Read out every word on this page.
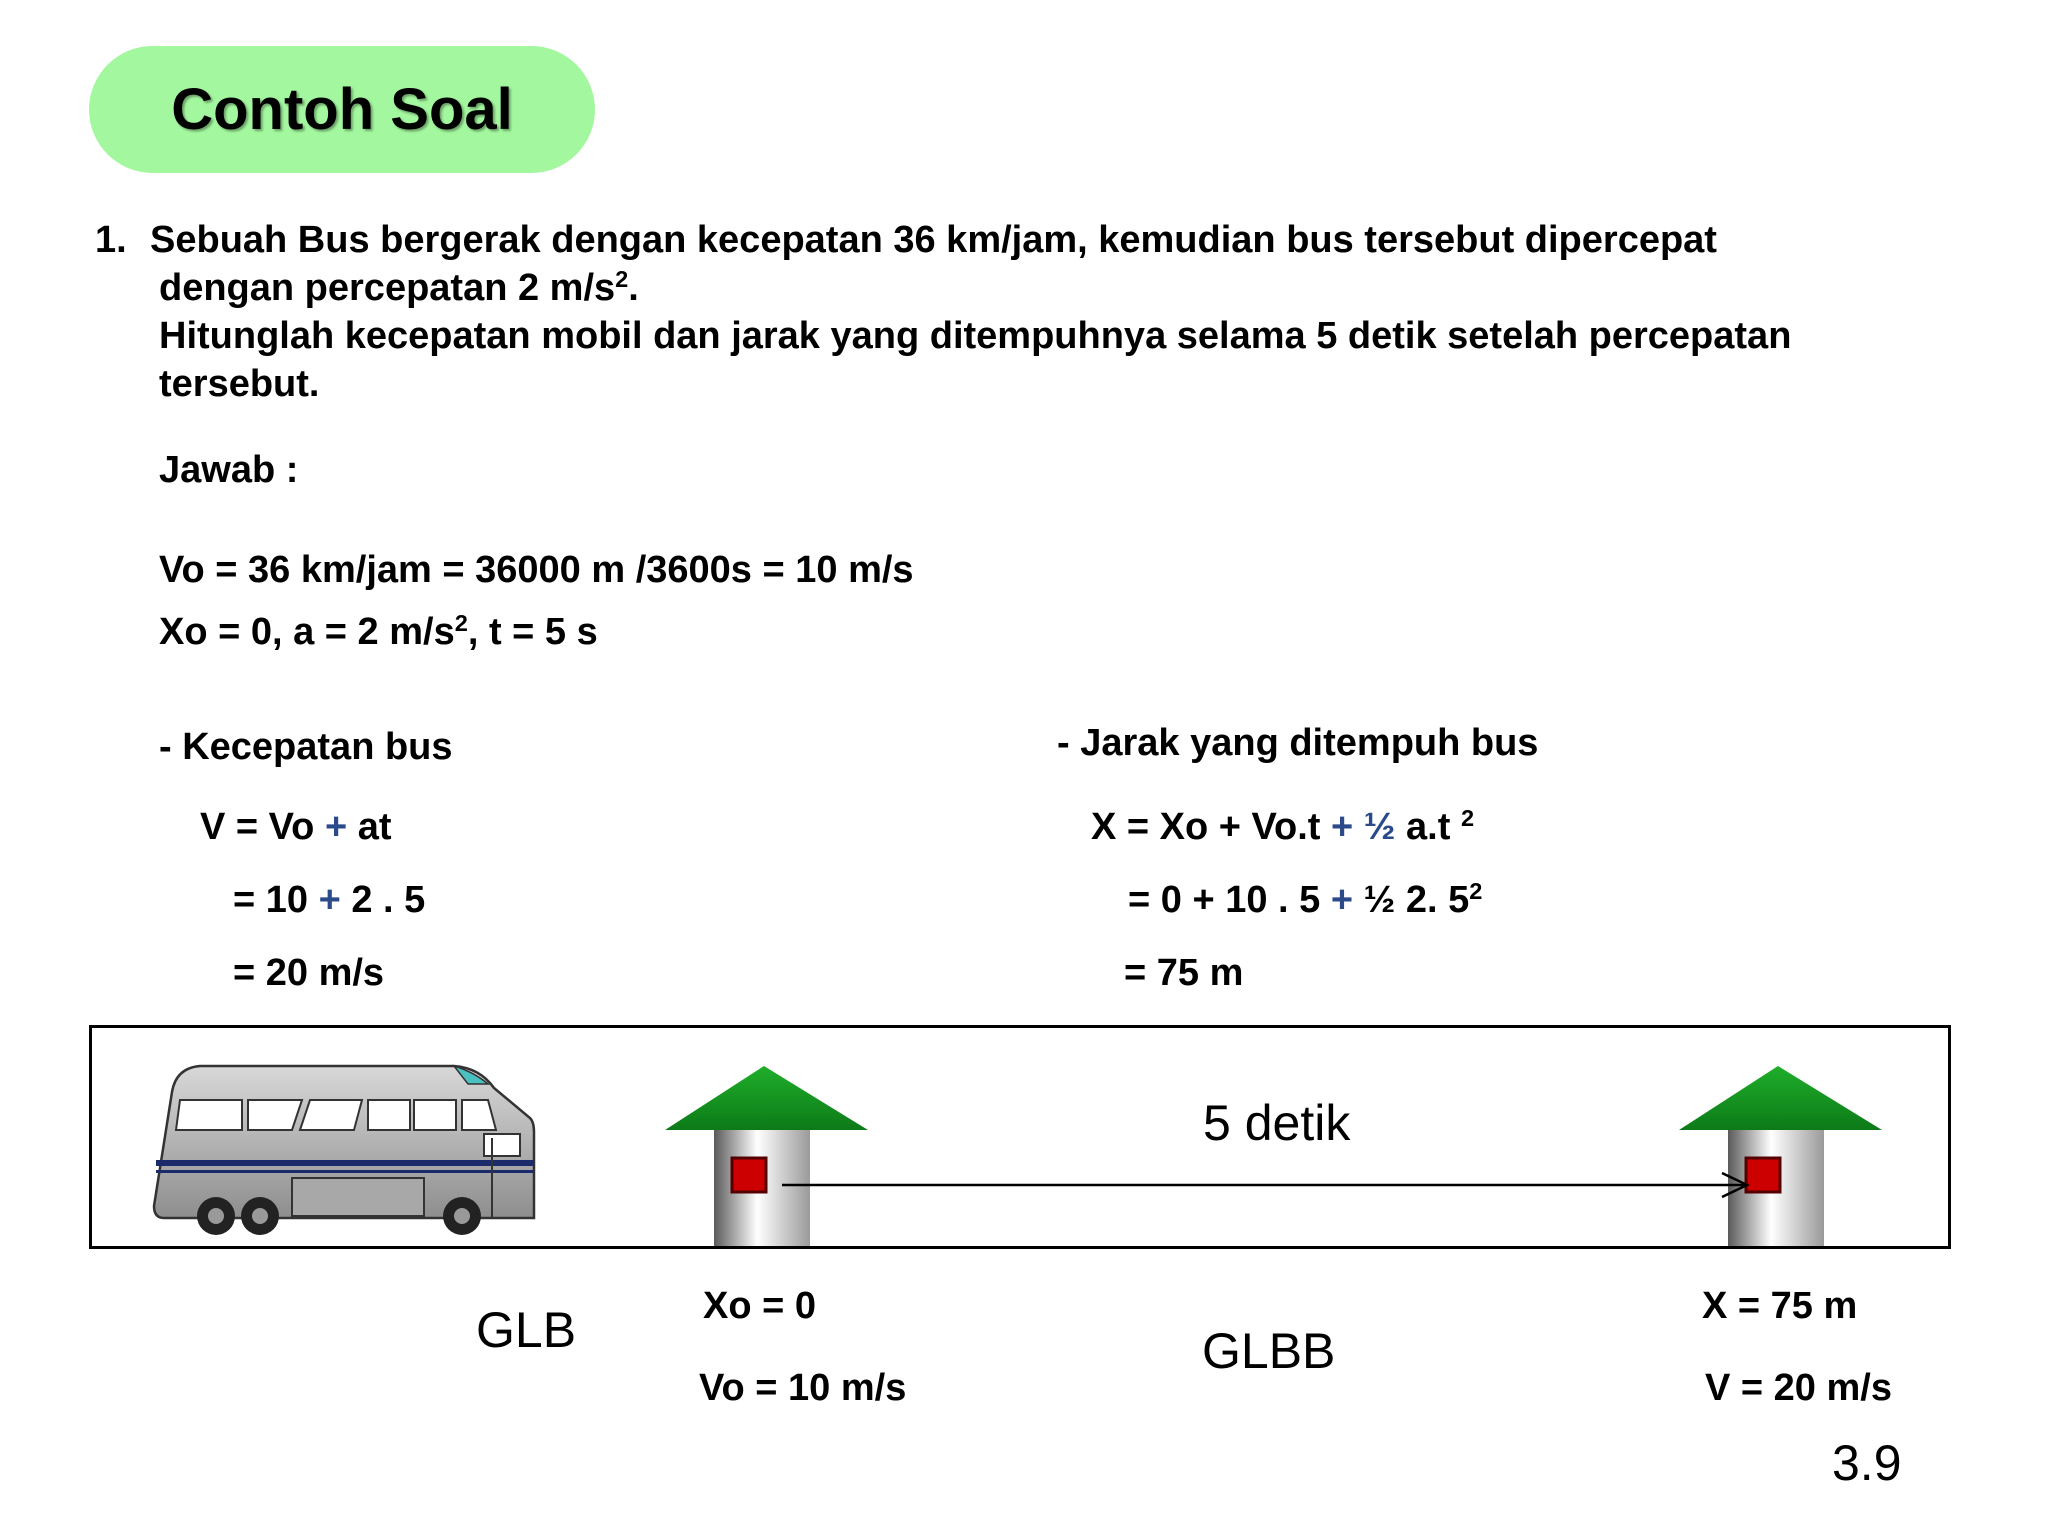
Contoh Soal
1. Sebuah Bus bergerak dengan kecepatan 36 km/jam, kemudian bus tersebut dipercepat
dengan percepatan 2 $m/s^2$.
Hitunglah kecepatan mobil dan jarak yang ditempuhnya selama 5 detik setelah percepatan
tersebut.
Jawab :
Vo = 36 km/jam = 36000 m /3600s = 10 m/s
Xo = 0, a = 2 $m/s^2$, t = 5 s
- Kecepatan bus
V = Vo + at
= 10 + 2 . 5
= 20 m/s
- Jarak yang ditempuh bus
X = Xo + Vo.t + ½ a.t $^2$
= 0 + 10 . 5 + ½ 2. $5^2$
= 75 m
5 detik
GLB	Xo = 0
Vo = 10 m/s
GLBB
X = 75 m
V = 20 m/s
3.9
